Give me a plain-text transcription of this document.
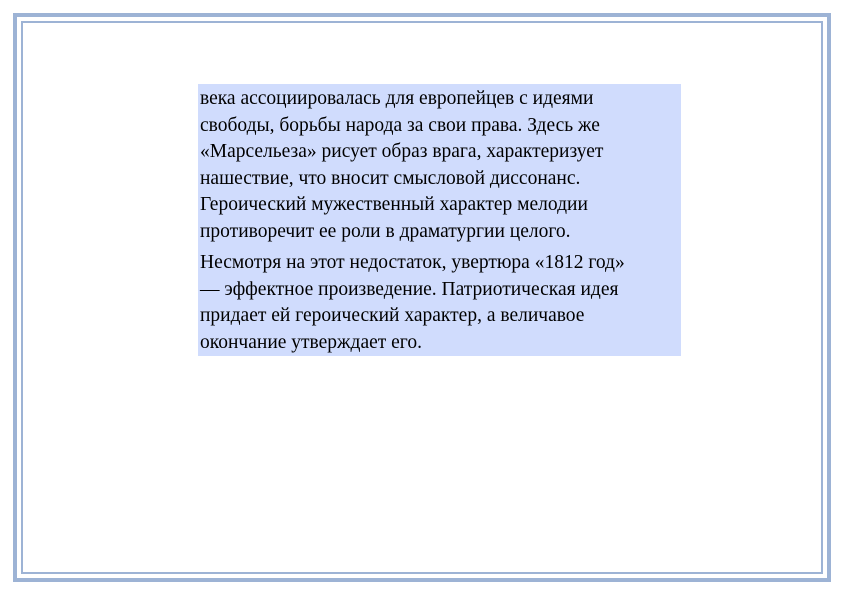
века ассоциировалась для европейцев с идеями
свободы, борьбы народа за свои права. Здесь же
«Марсельеза» рисует образ врага, характеризует
нашествие, что вносит смысловой диссонанс.
Героический мужественный характер мелодии
противоречит ее роли в драматургии целого.

Несмотря на этот недостаток, увертюра «1812 год»
— эффектное произведение. Патриотическая идея
придает ей героический характер, а величавое
окончание утверждает его.
